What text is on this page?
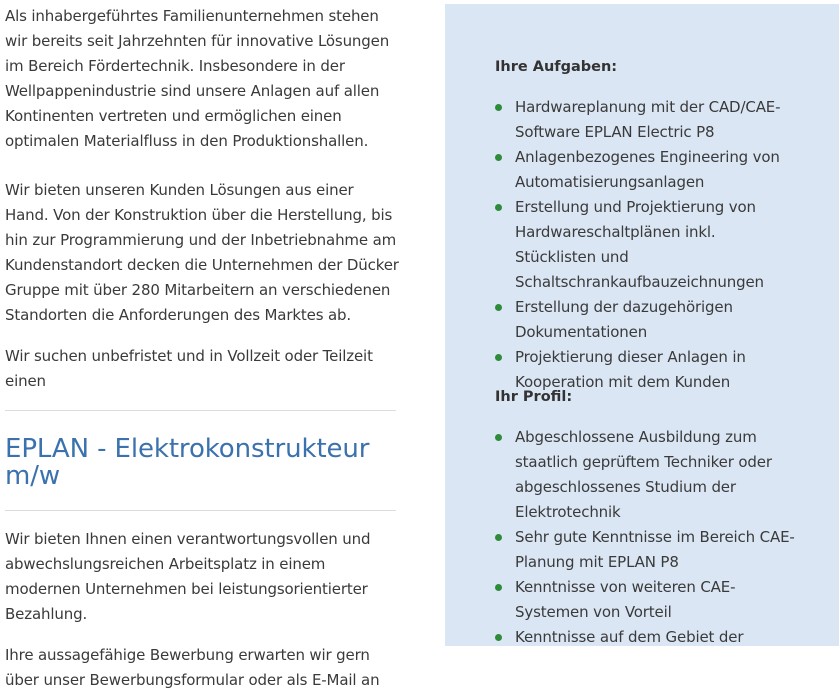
Als inhabergeführtes Familienunternehmen stehen wir bereits seit Jahrzehnten für innovative Lösungen im Bereich Fördertechnik. Insbesondere in der Wellpappenindustrie sind unsere Anlagen auf allen Kontinenten vertreten und ermöglichen einen optimalen Materialfluss in den Produktionshallen.

Wir bieten unseren Kunden Lösungen aus einer Hand. Von der Konstruktion über die Herstellung, bis hin zur Programmierung und der Inbetriebnahme am Kundenstandort decken die Unternehmen der Dücker Gruppe mit über 280 Mitarbeitern an verschiedenen Standorten die Anforderungen des Marktes ab.

Wir suchen unbefristet und in Vollzeit oder Teilzeit einen

EPLAN - Elektrokonstrukteur m/w

Wir bieten Ihnen einen verantwortungsvollen und abwechslungsreichen Arbeitsplatz in einem modernen Unternehmen bei leistungsorientierter Bezahlung.

Ihre aussagefähige Bewerbung erwarten wir gern über unser Bewerbungsformular oder als E-Mail an

Ihre Aufgaben:
Hardwareplanung mit der CAD/CAE-Software EPLAN Electric P8
Anlagenbezogenes Engineering von Automatisierungsanlagen
Erstellung und Projektierung von Hardwareschaltplänen inkl. Stücklisten und Schaltschrankaufbauzeichnungen
Erstellung der dazugehörigen Dokumentationen
Projektierung dieser Anlagen in Kooperation mit dem Kunden
Ihr Profil:
Abgeschlossene Ausbildung zum staatlich geprüftem Techniker oder abgeschlossenes Studium der Elektrotechnik
Sehr gute Kenntnisse im Bereich CAE-Planung mit EPLAN P8
Kenntnisse von weiteren CAE-Systemen von Vorteil
Kenntnisse auf dem Gebiet der
